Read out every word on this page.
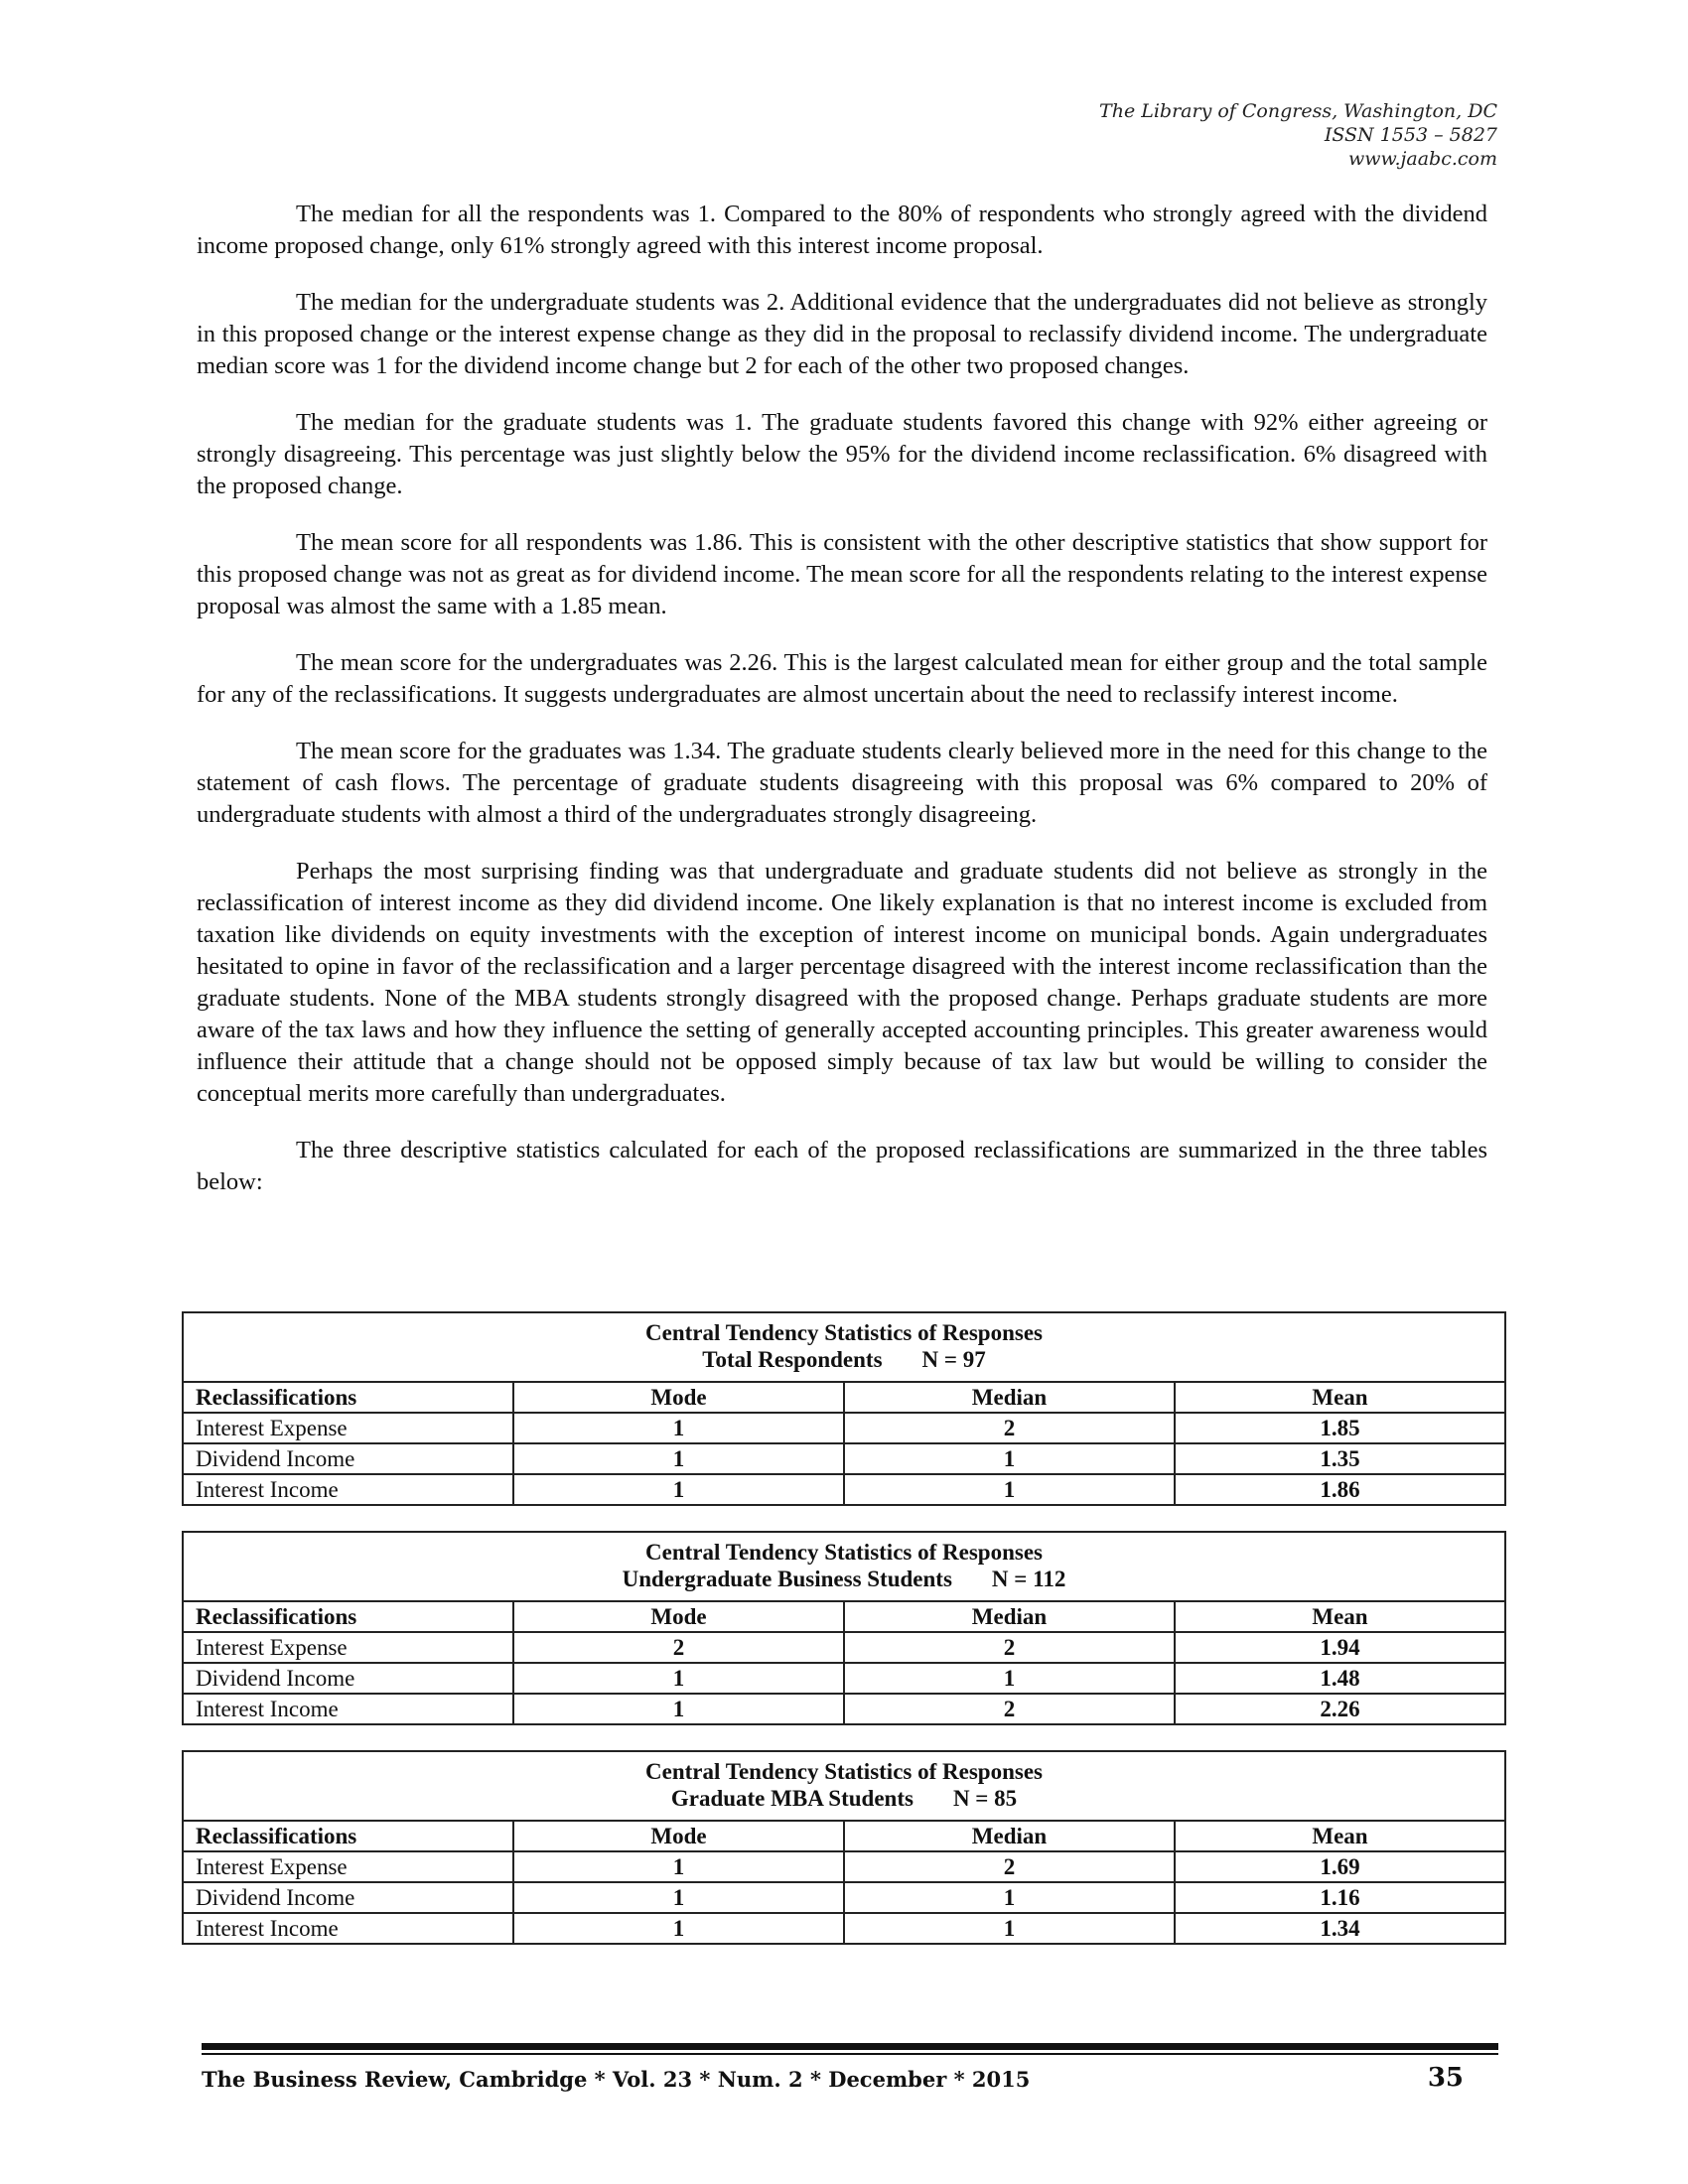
The Library of Congress, Washington, DC
ISSN 1553 – 5827
www.jaabc.com

The median for all the respondents was 1. Compared to the 80% of respondents who strongly agreed with the dividend income proposed change, only 61% strongly agreed with this interest income proposal.

The median for the undergraduate students was 2. Additional evidence that the undergraduates did not believe as strongly in this proposed change or the interest expense change as they did in the proposal to reclassify dividend income. The undergraduate median score was 1 for the dividend income change but 2 for each of the other two proposed changes.

The median for the graduate students was 1. The graduate students favored this change with 92% either agreeing or strongly disagreeing. This percentage was just slightly below the 95% for the dividend income reclassification. 6% disagreed with the proposed change.

The mean score for all respondents was 1.86. This is consistent with the other descriptive statistics that show support for this proposed change was not as great as for dividend income. The mean score for all the respondents relating to the interest expense proposal was almost the same with a 1.85 mean.

The mean score for the undergraduates was 2.26. This is the largest calculated mean for either group and the total sample for any of the reclassifications. It suggests undergraduates are almost uncertain about the need to reclassify interest income.

The mean score for the graduates was 1.34. The graduate students clearly believed more in the need for this change to the statement of cash flows. The percentage of graduate students disagreeing with this proposal was 6% compared to 20% of undergraduate students with almost a third of the undergraduates strongly disagreeing.

Perhaps the most surprising finding was that undergraduate and graduate students did not believe as strongly in the reclassification of interest income as they did dividend income. One likely explanation is that no interest income is excluded from taxation like dividends on equity investments with the exception of interest income on municipal bonds. Again undergraduates hesitated to opine in favor of the reclassification and a larger percentage disagreed with the interest income reclassification than the graduate students. None of the MBA students strongly disagreed with the proposed change. Perhaps graduate students are more aware of the tax laws and how they influence the setting of generally accepted accounting principles. This greater awareness would influence their attitude that a change should not be opposed simply because of tax law but would be willing to consider the conceptual merits more carefully than undergraduates.

The three descriptive statistics calculated for each of the proposed reclassifications are summarized in the three tables below:

Central Tendency Statistics of Responses
Total Respondents N = 97			

Reclassifications	Mode	Median	Mean
Interest Expense	1	2	1.85
Dividend Income	1	1	1.35
Interest Income	1	1	1.86
Central Tendency Statistics of Responses
Undergraduate Business Students N = 112			

Reclassifications	Mode	Median	Mean
Interest Expense	2	2	1.94
Dividend Income	1	1	1.48
Interest Income	1	2	2.26
Central Tendency Statistics of Responses
Graduate MBA Students N = 85			

Reclassifications	Mode	Median	Mean
Interest Expense	1	2	1.69
Dividend Income	1	1	1.16
Interest Income	1	1	1.34
The Business Review, Cambridge * Vol. 23 * Num. 2 * December * 2015	35
